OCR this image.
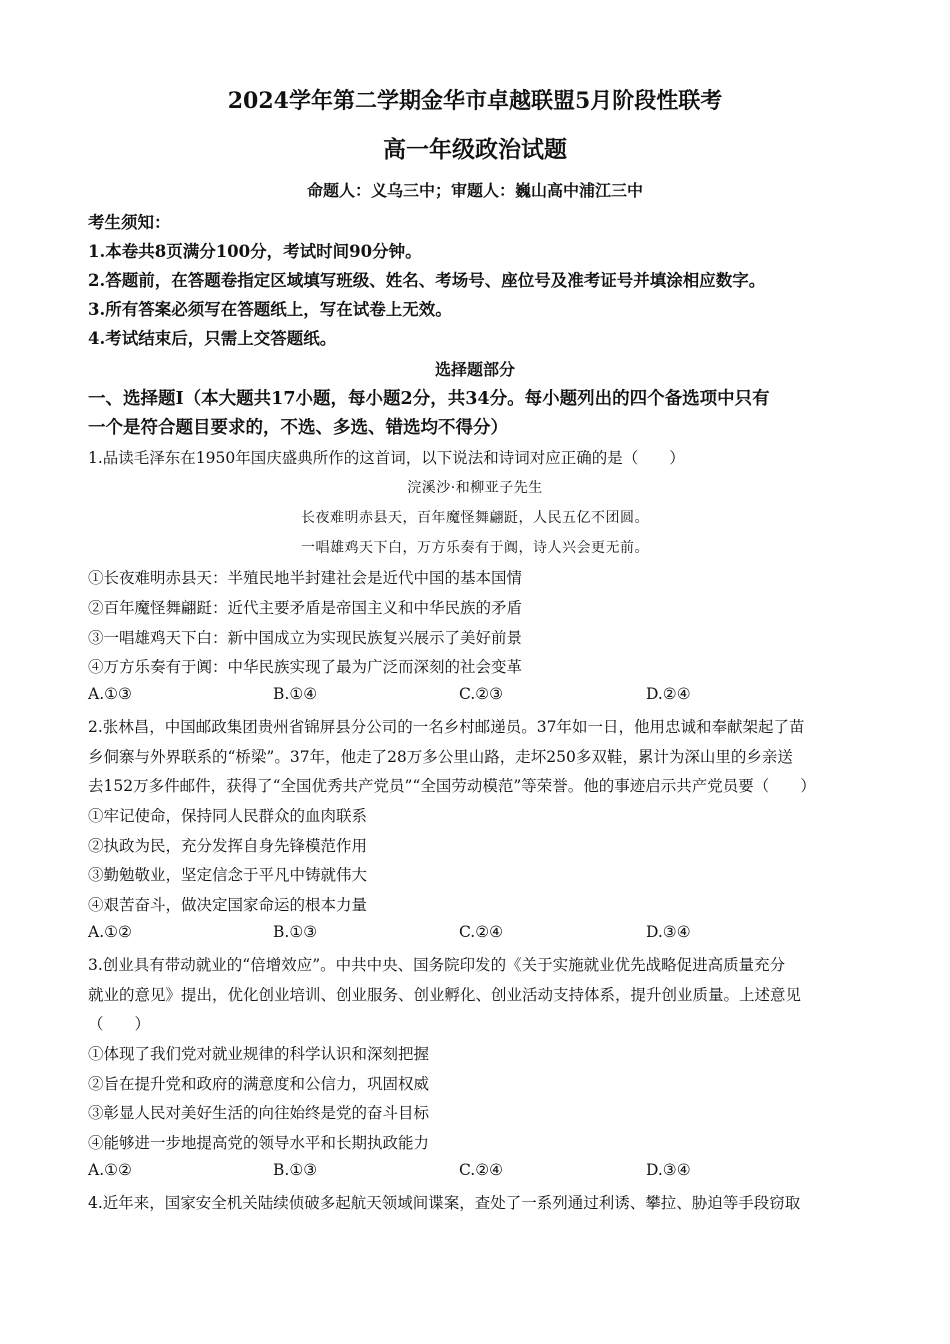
2024学年第二学期金华市卓越联盟5月阶段性联考
高一年级政治试题
命题人：义乌三中；审题人：巍山高中浦江三中
考生须知：
1.本卷共8页满分100分，考试时间90分钟。
2.答题前，在答题卷指定区域填写班级、姓名、考场号、座位号及准考证号并填涂相应数字。
3.所有答案必须写在答题纸上，写在试卷上无效。
4.考试结束后，只需上交答题纸。
选择题部分
一、选择题Ⅰ（本大题共17小题，每小题2分，共34分。每小题列出的四个备选项中只有
一个是符合题目要求的，不选、多选、错选均不得分）
1.品读毛泽东在1950年国庆盛典所作的这首词，以下说法和诗词对应正确的是（　　）
浣溪沙·和柳亚子先生
长夜难明赤县天，百年魔怪舞翩跹，人民五亿不团圆。
一唱雄鸡天下白，万方乐奏有于阗，诗人兴会更无前。
①长夜难明赤县天：半殖民地半封建社会是近代中国的基本国情
②百年魔怪舞翩跹：近代主要矛盾是帝国主义和中华民族的矛盾
③一唱雄鸡天下白：新中国成立为实现民族复兴展示了美好前景
④万方乐奏有于阗：中华民族实现了最为广泛而深刻的社会变革
A.①③	B.①④	C.②③	D.②④
2.张林昌，中国邮政集团贵州省锦屏县分公司的一名乡村邮递员。37年如一日，他用忠诚和奉献架起了苗
乡侗寨与外界联系的“桥梁”。37年，他走了28万多公里山路，走坏250多双鞋，累计为深山里的乡亲送
去152万多件邮件，获得了“全国优秀共产党员”“全国劳动模范”等荣誉。他的事迹启示共产党员要（　　）
①牢记使命，保持同人民群众的血肉联系
②执政为民，充分发挥自身先锋模范作用
③勤勉敬业，坚定信念于平凡中铸就伟大
④艰苦奋斗，做决定国家命运的根本力量
A.①②	B.①③	C.②④	D.③④
3.创业具有带动就业的“倍增效应”。中共中央、国务院印发的《关于实施就业优先战略促进高质量充分
就业的意见》提出，优化创业培训、创业服务、创业孵化、创业活动支持体系，提升创业质量。上述意见
（　　）
①体现了我们党对就业规律的科学认识和深刻把握
②旨在提升党和政府的满意度和公信力，巩固权威
③彰显人民对美好生活的向往始终是党的奋斗目标
④能够进一步地提高党的领导水平和长期执政能力
A.①②	B.①③	C.②④	D.③④
4.近年来，国家安全机关陆续侦破多起航天领域间谍案，查处了一系列通过利诱、攀拉、胁迫等手段窃取
